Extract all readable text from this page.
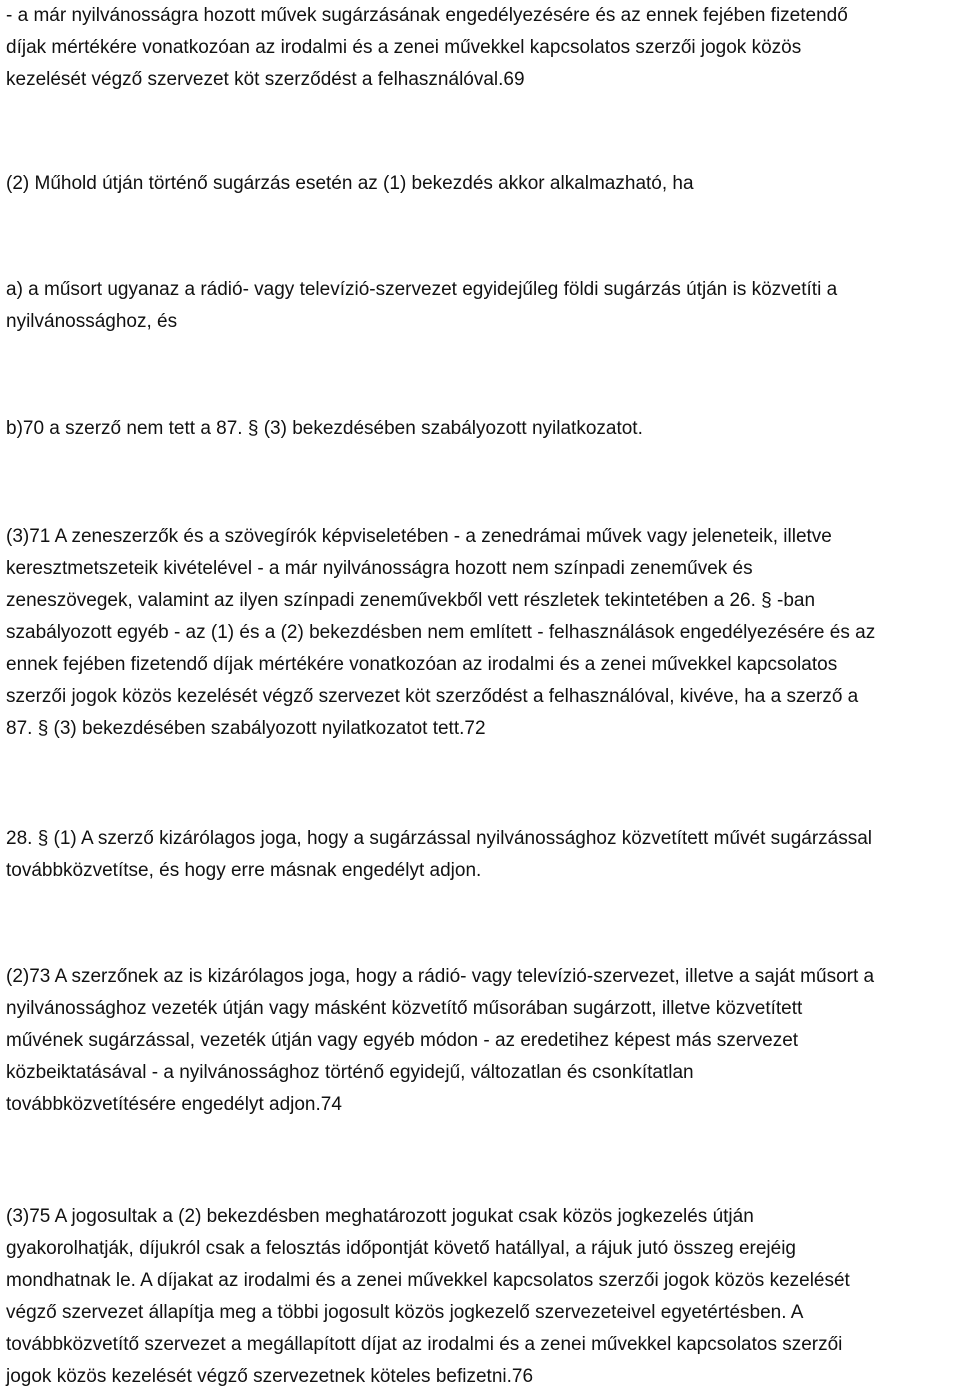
- a már nyilvánosságra hozott művek sugárzásának engedélyezésére és az ennek fejében fizetendő
díjak mértékére vonatkozóan az irodalmi és a zenei művekkel kapcsolatos szerzői jogok közös
kezelését végző szervezet köt szerződést a felhasználóval.69

(2) Műhold útján történő sugárzás esetén az (1) bekezdés akkor alkalmazható, ha

a) a műsort ugyanaz a rádió- vagy televízió-szervezet egyidejűleg földi sugárzás útján is közvetíti a
nyilvánossághoz, és

b)70 a szerző nem tett a 87. § (3) bekezdésében szabályozott nyilatkozatot.

(3)71 A zeneszerzők és a szövegírók képviseletében - a zenedrámai művek vagy jeleneteik, illetve
keresztmetszeteik kivételével - a már nyilvánosságra hozott nem színpadi zeneművek és
zeneszövegek, valamint az ilyen színpadi zeneművekből vett részletek tekintetében a 26. § -ban
szabályozott egyéb - az (1) és a (2) bekezdésben nem említett - felhasználások engedélyezésére és az
ennek fejében fizetendő díjak mértékére vonatkozóan az irodalmi és a zenei művekkel kapcsolatos
szerzői jogok közös kezelését végző szervezet köt szerződést a felhasználóval, kivéve, ha a szerző a
87. § (3) bekezdésében szabályozott nyilatkozatot tett.72

28. § (1) A szerző kizárólagos joga, hogy a sugárzással nyilvánossághoz közvetített művét sugárzással
továbbközvetítse, és hogy erre másnak engedélyt adjon.

(2)73 A szerzőnek az is kizárólagos joga, hogy a rádió- vagy televízió-szervezet, illetve a saját műsort a
nyilvánossághoz vezeték útján vagy másként közvetítő műsorában sugárzott, illetve közvetített
művének sugárzással, vezeték útján vagy egyéb módon - az eredetihez képest más szervezet
közbeiktatásával - a nyilvánossághoz történő egyidejű, változatlan és csonkítatlan
továbbközvetítésére engedélyt adjon.74

(3)75 A jogosultak a (2) bekezdésben meghatározott jogukat csak közös jogkezelés útján
gyakorolhatják, díjukról csak a felosztás időpontját követő hatállyal, a rájuk jutó összeg erejéig
mondhatnak le. A díjakat az irodalmi és a zenei művekkel kapcsolatos szerzői jogok közös kezelését
végző szervezet állapítja meg a többi jogosult közös jogkezelő szervezeteivel egyetértésben. A
továbbközvetítő szervezet a megállapított díjat az irodalmi és a zenei művekkel kapcsolatos szerzői
jogok közös kezelését végző szervezetnek köteles befizetni.76
